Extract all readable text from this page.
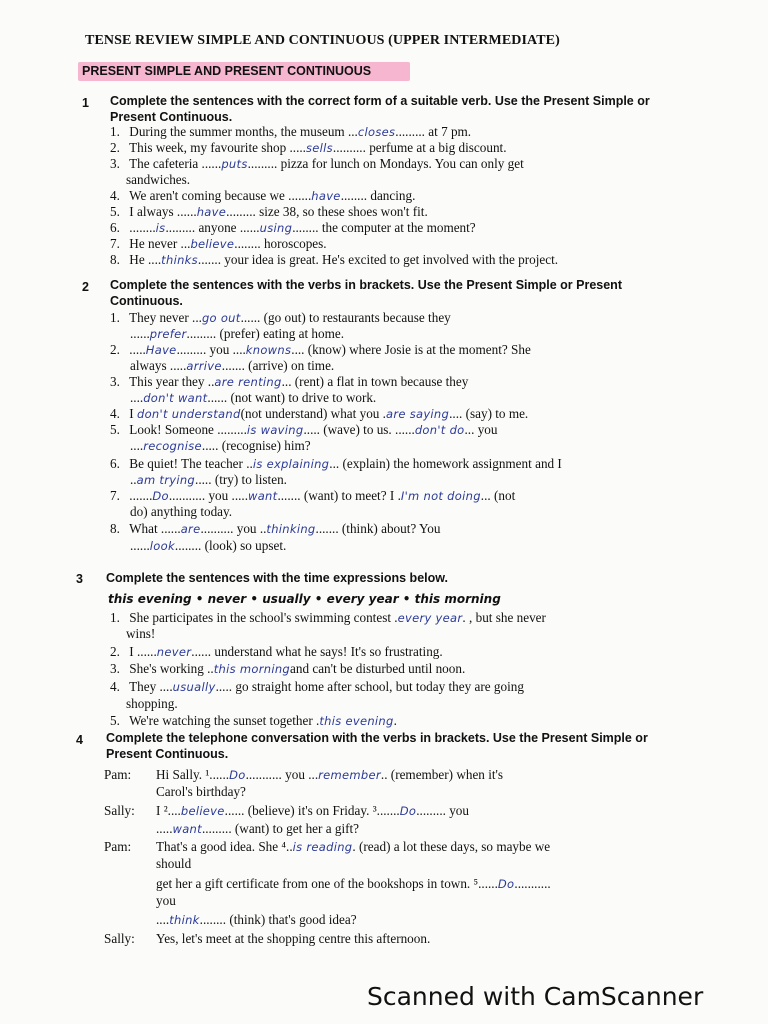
TENSE REVIEW SIMPLE AND CONTINUOUS (UPPER INTERMEDIATE)
PRESENT SIMPLE AND PRESENT CONTINUOUS
1 Complete the sentences with the correct form of a suitable verb. Use the Present Simple or Present Continuous.
1. During the summer months, the museum ...closes......... at 7 pm.
2. This week, my favourite shop .....sells.......... perfume at a big discount.
3. The cafeteria ......puts......... pizza for lunch on Mondays. You can only get
sandwiches.
4. We aren't coming because we .......have........ dancing.
5. I always ......have......... size 38, so these shoes won't fit.
6. ........is......... anyone ......using........ the computer at the moment?
7. He never ...believe........ horoscopes.
8. He ....thinks....... your idea is great. He's excited to get involved with the project.
2 Complete the sentences with the verbs in brackets. Use the Present Simple or Present Continuous.
1. They never ...go out...... (go out) to restaurants because they
......prefer......... (prefer) eating at home.
2. .....Have......... you ....knowns.... (know) where Josie is at the moment? She
always .....arrive....... (arrive) on time.
3. This year they ..are renting... (rent) a flat in town because they
....don't want...... (not want) to drive to work.
4. I don't understand(not understand) what you .are saying.... (say) to me.
5. Look! Someone .........is waving..... (wave) to us. ......don't do... you
....recognise..... (recognise) him?
6. Be quiet! The teacher ..is explaining... (explain) the homework assignment and I
..am trying..... (try) to listen.
7. .......Do........... you .....want....... (want) to meet? I .I'm not doing... (not
do) anything today.
8. What ......are.......... you ..thinking....... (think) about? You
......look........ (look) so upset.
3 Complete the sentences with the time expressions below.
this evening • never • usually • every year • this morning
1. She participates in the school's swimming contest .every year. , but she never
wins!
2. I ......never...... understand what he says! It's so frustrating.
3. She's working ..this morningand can't be disturbed until noon.
4. They ....usually..... go straight home after school, but today they are going
shopping.
5. We're watching the sunset together .this evening.
4 Complete the telephone conversation with the verbs in brackets. Use the Present Simple or Present Continuous.
Pam: Hi Sally. ¹......Do........... you ...remember.. (remember) when it's
Carol's birthday?
Sally: I ²....believe...... (believe) it's on Friday. ³.......Do......... you
.....want......... (want) to get her a gift?
Pam: That's a good idea. She ⁴..is reading. (read) a lot these days, so maybe we
should
get her a gift certificate from one of the bookshops in town. ⁵......Do...........
you
....think........ (think) that's good idea?
Sally: Yes, let's meet at the shopping centre this afternoon.
Scanned with CamScanner
